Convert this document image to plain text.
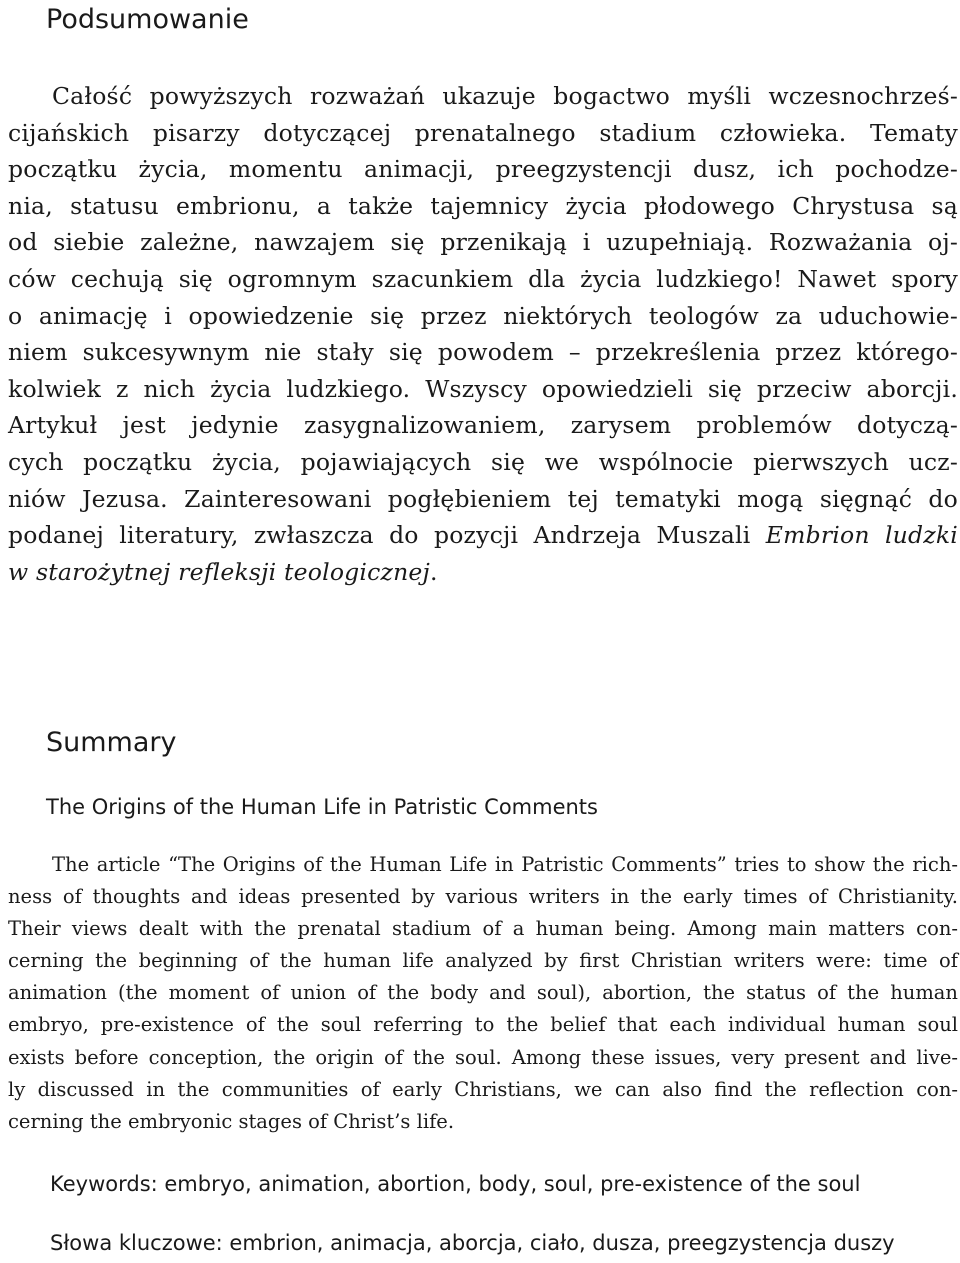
Podsumowanie
Całość powyższych rozważań ukazuje bogactwo myśli wczesnochrześ-
cijańskich pisarzy dotyczącej prenatalnego stadium człowieka. Tematy
początku życia, momentu animacji, preegzystencji dusz, ich pochodze-
nia, statusu embrionu, a także tajemnicy życia płodowego Chrystusa są
od siebie zależne, nawzajem się przenikają i uzupełniają. Rozważania oj-
ców cechują się ogromnym szacunkiem dla życia ludzkiego! Nawet spory
o animację i opowiedzenie się przez niektórych teologów za uduchowie-
niem sukcesywnym nie stały się powodem – przekreślenia przez którego-
kolwiek z nich życia ludzkiego. Wszyscy opowiedzieli się przeciw aborcji.
Artykuł jest jedynie zasygnalizowaniem, zarysem problemów dotyczą-
cych początku życia, pojawiających się we wspólnocie pierwszych ucz-
niów Jezusa. Zainteresowani pogłębieniem tej tematyki mogą sięgnąć do
podanej literatury, zwłaszcza do pozycji Andrzeja Muszali Embrion ludzki
w starożytnej refleksji teologicznej.
Summary
The Origins of the Human Life in Patristic Comments
The article “The Origins of the Human Life in Patristic Comments” tries to show the rich-
ness of thoughts and ideas presented by various writers in the early times of Christianity.
Their views dealt with the prenatal stadium of a human being. Among main matters con-
cerning the beginning of the human life analyzed by first Christian writers were: time of
animation (the moment of union of the body and soul), abortion, the status of the human
embryo, pre-existence of the soul referring to the belief that each individual human soul
exists before conception, the origin of the soul. Among these issues, very present and live-
ly discussed in the communities of early Christians, we can also find the reflection con-
cerning the embryonic stages of Christ’s life.
Keywords: embryo, animation, abortion, body, soul, pre-existence of the soul
Słowa kluczowe: embrion, animacja, aborcja, ciało, dusza, preegzystencja duszy
